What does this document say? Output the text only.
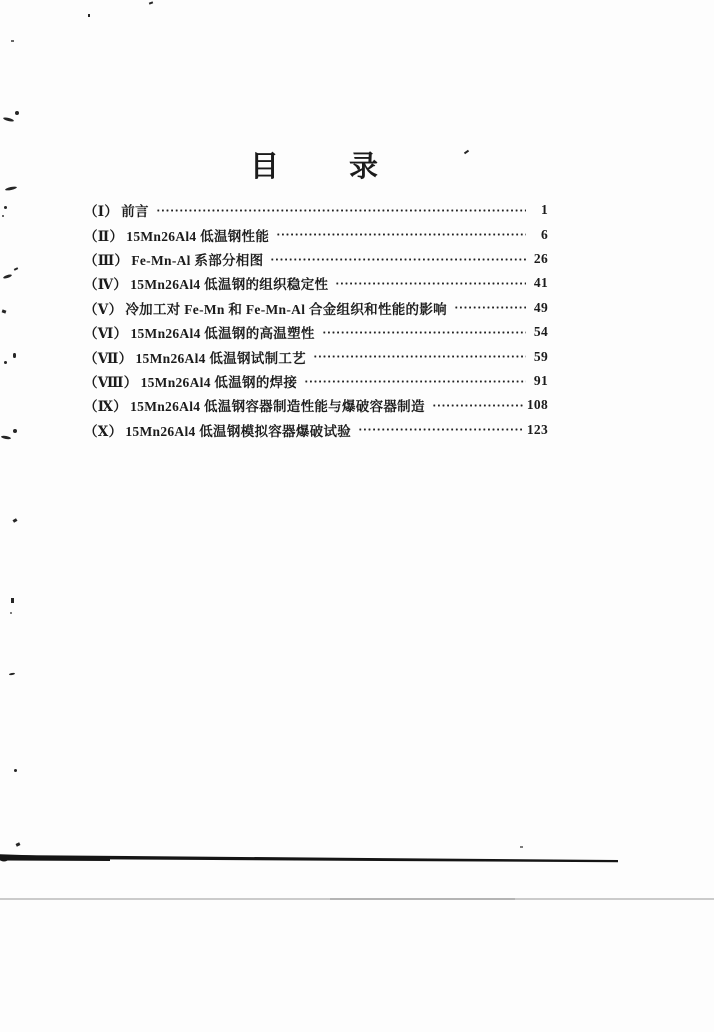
目　　录
（Ⅰ） 前言	1
（Ⅱ） 15Mn26Al4 低温钢性能	6
（Ⅲ） Fe-Mn-Al 系部分相图	26
（Ⅳ） 15Mn26Al4 低温钢的组织稳定性	41
（Ⅴ） 冷加工对 Fe-Mn 和 Fe-Mn-Al 合金组织和性能的影响	49
（Ⅵ） 15Mn26Al4 低温钢的高温塑性	54
（Ⅶ） 15Mn26Al4 低温钢试制工艺	59
（Ⅷ） 15Mn26Al4 低温钢的焊接	91
（Ⅸ） 15Mn26Al4 低温钢容器制造性能与爆破容器制造	108
（Ⅹ） 15Mn26Al4 低温钢模拟容器爆破试验	123
